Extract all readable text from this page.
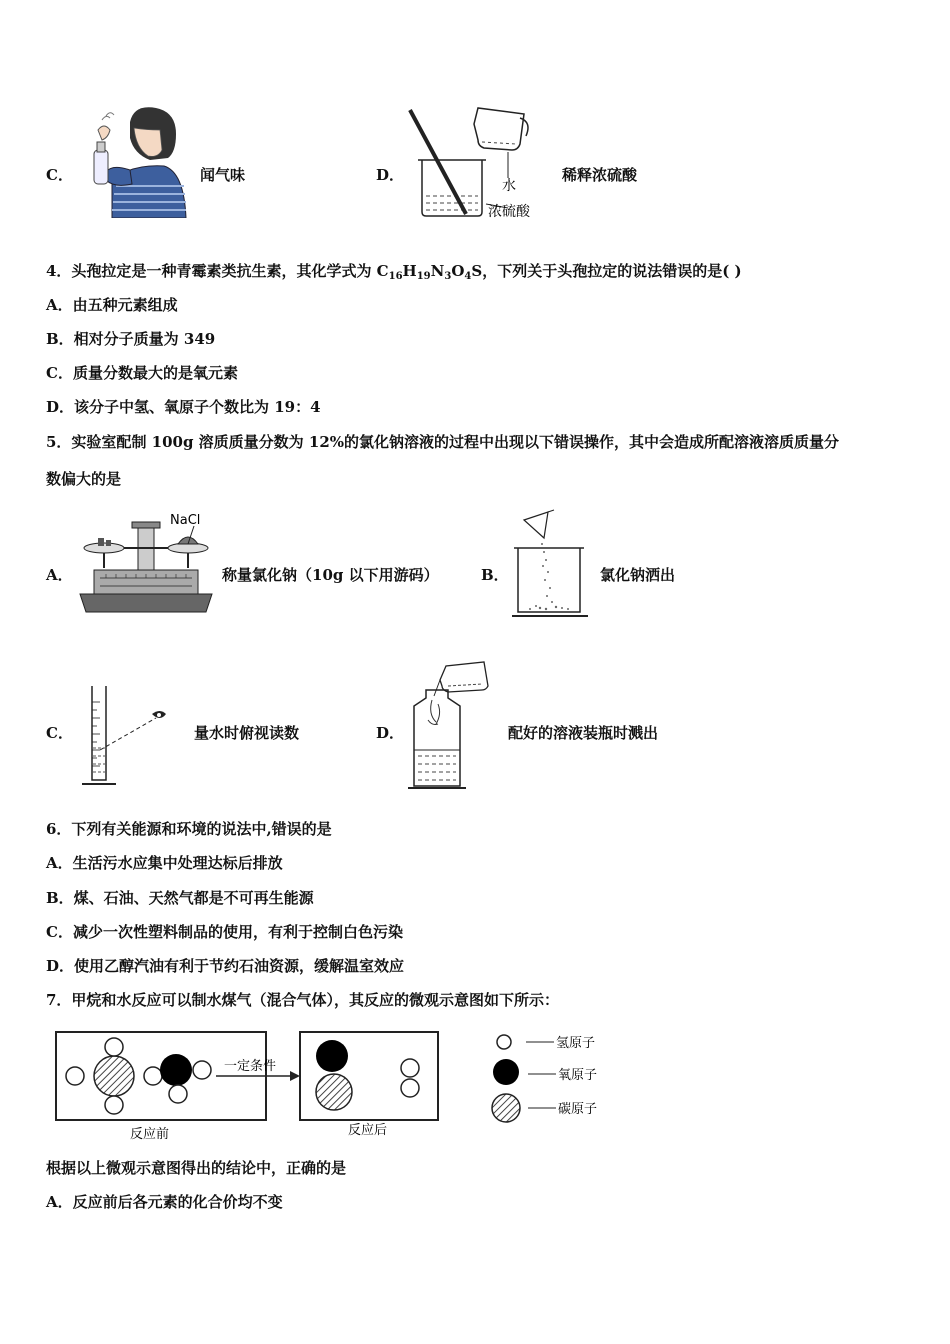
C．	闻气味	D．
水
浓硫酸
稀释浓硫酸
4．头孢拉定是一种青霉素类抗生素，其化学式为 $C_{16}H_{19}N_3O_4S$，下列关于头孢拉定的说法错误的是( )
A．由五种元素组成
B．相对分子质量为 349
C．质量分数最大的是氧元素
D．该分子中氢、氧原子个数比为 19：4
5．实验室配制 100g 溶质质量分数为 12%的氯化钠溶液的过程中出现以下错误操作，其中会造成所配溶液溶质质量分
数偏大的是
A．
NaCl
称量氯化钠（10g 以下用游码）	B．	氯化钠洒出
C．	量水时俯视读数	D．	配好的溶液装瓶时溅出
6．下列有关能源和环境的说法中,错误的是
A．生活污水应集中处理达标后排放
B．煤、石油、天然气都是不可再生能源
C．减少一次性塑料制品的使用，有利于控制白色污染
D．使用乙醇汽油有利于节约石油资源，缓解温室效应
7．甲烷和水反应可以制水煤气（混合气体），其反应的微观示意图如下所示：
反应前
一定条件
反应后
氢原子
氧原子
碳原子
根据以上微观示意图得出的结论中，正确的是
A．反应前后各元素的化合价均不变
